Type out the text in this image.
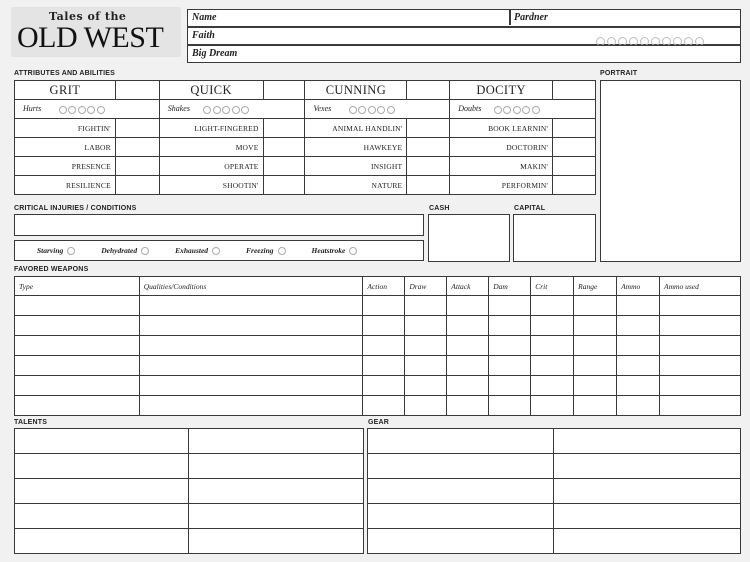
Tales of the
OLD WEST
Name	Pardner
Faith
Big Dream
ATTRIBUTES AND ABILITIES	PORTRAIT
GRIT		QUICK		CUNNING		DOCITY	
Hurts		Shakes		Vexes		Doubts	
FIGHTIN'		LIGHT-FINGERED		ANIMAL HANDLIN'		BOOK LEARNIN'	
LABOR		MOVE		HAWKEYE		DOCTORIN'	
PRESENCE		OPERATE		INSIGHT		MAKIN'	
RESILIENCE		SHOOTIN'		NATURE		PERFORMIN'	
CRITICAL INJURIES / CONDITIONS
Starving	Dehydrated	Exhausted	Freezing	Heatstroke
CASH	CAPITAL
FAVORED WEAPONS
Type	Qualities/Conditions	Action	Draw	Attack	Dam	Crit	Range	Ammo	Ammo used

TALENTS

		GEAR
